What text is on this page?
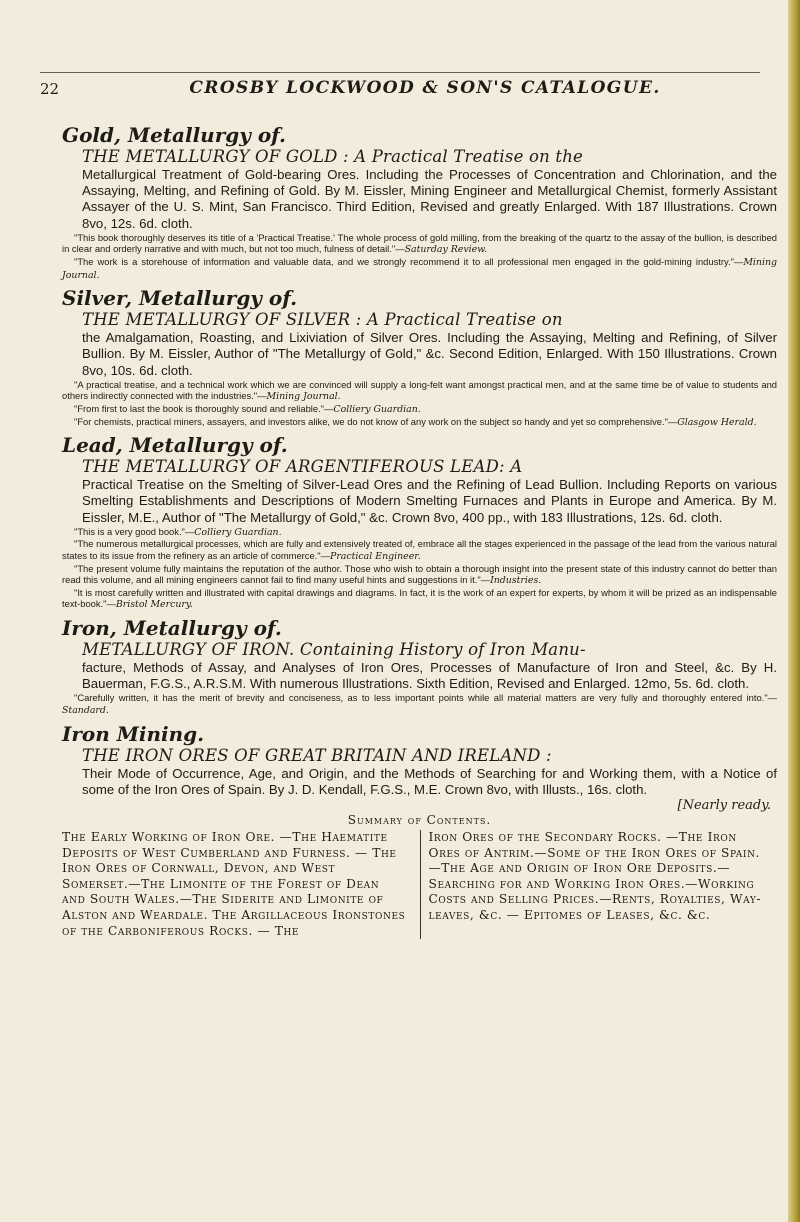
22	CROSBY LOCKWOOD & SON'S CATALOGUE.

Gold, Metallurgy of.

THE METALLURGY OF GOLD : A Practical Treatise on the

Metallurgical Treatment of Gold-bearing Ores. Including the Processes of Concentration and Chlorination, and the Assaying, Melting, and Refining of Gold. By M. Eissler, Mining Engineer and Metallurgical Chemist, formerly Assistant Assayer of the U. S. Mint, San Francisco. Third Edition, Revised and greatly Enlarged. With 187 Illustrations. Crown 8vo, 12s. 6d. cloth.

"This book thoroughly deserves its title of a 'Practical Treatise.' The whole process of gold milling, from the breaking of the quartz to the assay of the bullion, is described in clear and orderly narrative and with much, but not too much, fulness of detail."—Saturday Review.
"The work is a storehouse of information and valuable data, and we strongly recommend it to all professional men engaged in the gold-mining industry."—Mining Journal.

Silver, Metallurgy of.

THE METALLURGY OF SILVER : A Practical Treatise on

the Amalgamation, Roasting, and Lixiviation of Silver Ores. Including the Assaying, Melting and Refining, of Silver Bullion. By M. Eissler, Author of "The Metallurgy of Gold," &c. Second Edition, Enlarged. With 150 Illustrations. Crown 8vo, 10s. 6d. cloth.

"A practical treatise, and a technical work which we are convinced will supply a long-felt want amongst practical men, and at the same time be of value to students and others indirectly connected with the industries."—Mining Journal.
"From first to last the book is thoroughly sound and reliable."—Colliery Guardian.
"For chemists, practical miners, assayers, and investors alike, we do not know of any work on the subject so handy and yet so comprehensive."—Glasgow Herald.

Lead, Metallurgy of.

THE METALLURGY OF ARGENTIFEROUS LEAD: A

Practical Treatise on the Smelting of Silver-Lead Ores and the Refining of Lead Bullion. Including Reports on various Smelting Establishments and Descriptions of Modern Smelting Furnaces and Plants in Europe and America. By M. Eissler, M.E., Author of "The Metallurgy of Gold," &c. Crown 8vo, 400 pp., with 183 Illustrations, 12s. 6d. cloth.

"This is a very good book."—Colliery Guardian.
"The numerous metallurgical processes, which are fully and extensively treated of, embrace all the stages experienced in the passage of the lead from the various natural states to its issue from the refinery as an article of commerce."—Practical Engineer.
"The present volume fully maintains the reputation of the author. Those who wish to obtain a thorough insight into the present state of this industry cannot do better than read this volume, and all mining engineers cannot fail to find many useful hints and suggestions in it."—Industries.
"It is most carefully written and illustrated with capital drawings and diagrams. In fact, it is the work of an expert for experts, by whom it will be prized as an indispensable text-book."—Bristol Mercury.

Iron, Metallurgy of.

METALLURGY OF IRON. Containing History of Iron Manu-

facture, Methods of Assay, and Analyses of Iron Ores, Processes of Manufacture of Iron and Steel, &c. By H. Bauerman, F.G.S., A.R.S.M. With numerous Illustrations. Sixth Edition, Revised and Enlarged. 12mo, 5s. 6d. cloth.

"Carefully written, it has the merit of brevity and conciseness, as to less important points while all material matters are very fully and thoroughly entered into."—Standard.

Iron Mining.

THE IRON ORES OF GREAT BRITAIN AND IRELAND :

Their Mode of Occurrence, Age, and Origin, and the Methods of Searching for and Working them, with a Notice of some of the Iron Ores of Spain. By J. D. Kendall, F.G.S., M.E. Crown 8vo, with Illusts., 16s. cloth.

[Nearly ready.

Summary of Contents.

The Early Working of Iron Ore. —The Haematite Deposits of West Cumberland and Furness. — The Iron Ores of Cornwall, Devon, and West Somerset.—The Limonite of the Forest of Dean and South Wales.—The Siderite and Limonite of Alston and Weardale. The Argillaceous Ironstones of the Carboniferous Rocks. — The
Iron Ores of the Secondary Rocks. —The Iron Ores of Antrim.—Some of the Iron Ores of Spain.—The Age and Origin of Iron Ore Deposits.—Searching for and Working Iron Ores.—Working Costs and Selling Prices.—Rents, Royalties, Way-leaves, &c. — Epitomes of Leases, &c. &c.
